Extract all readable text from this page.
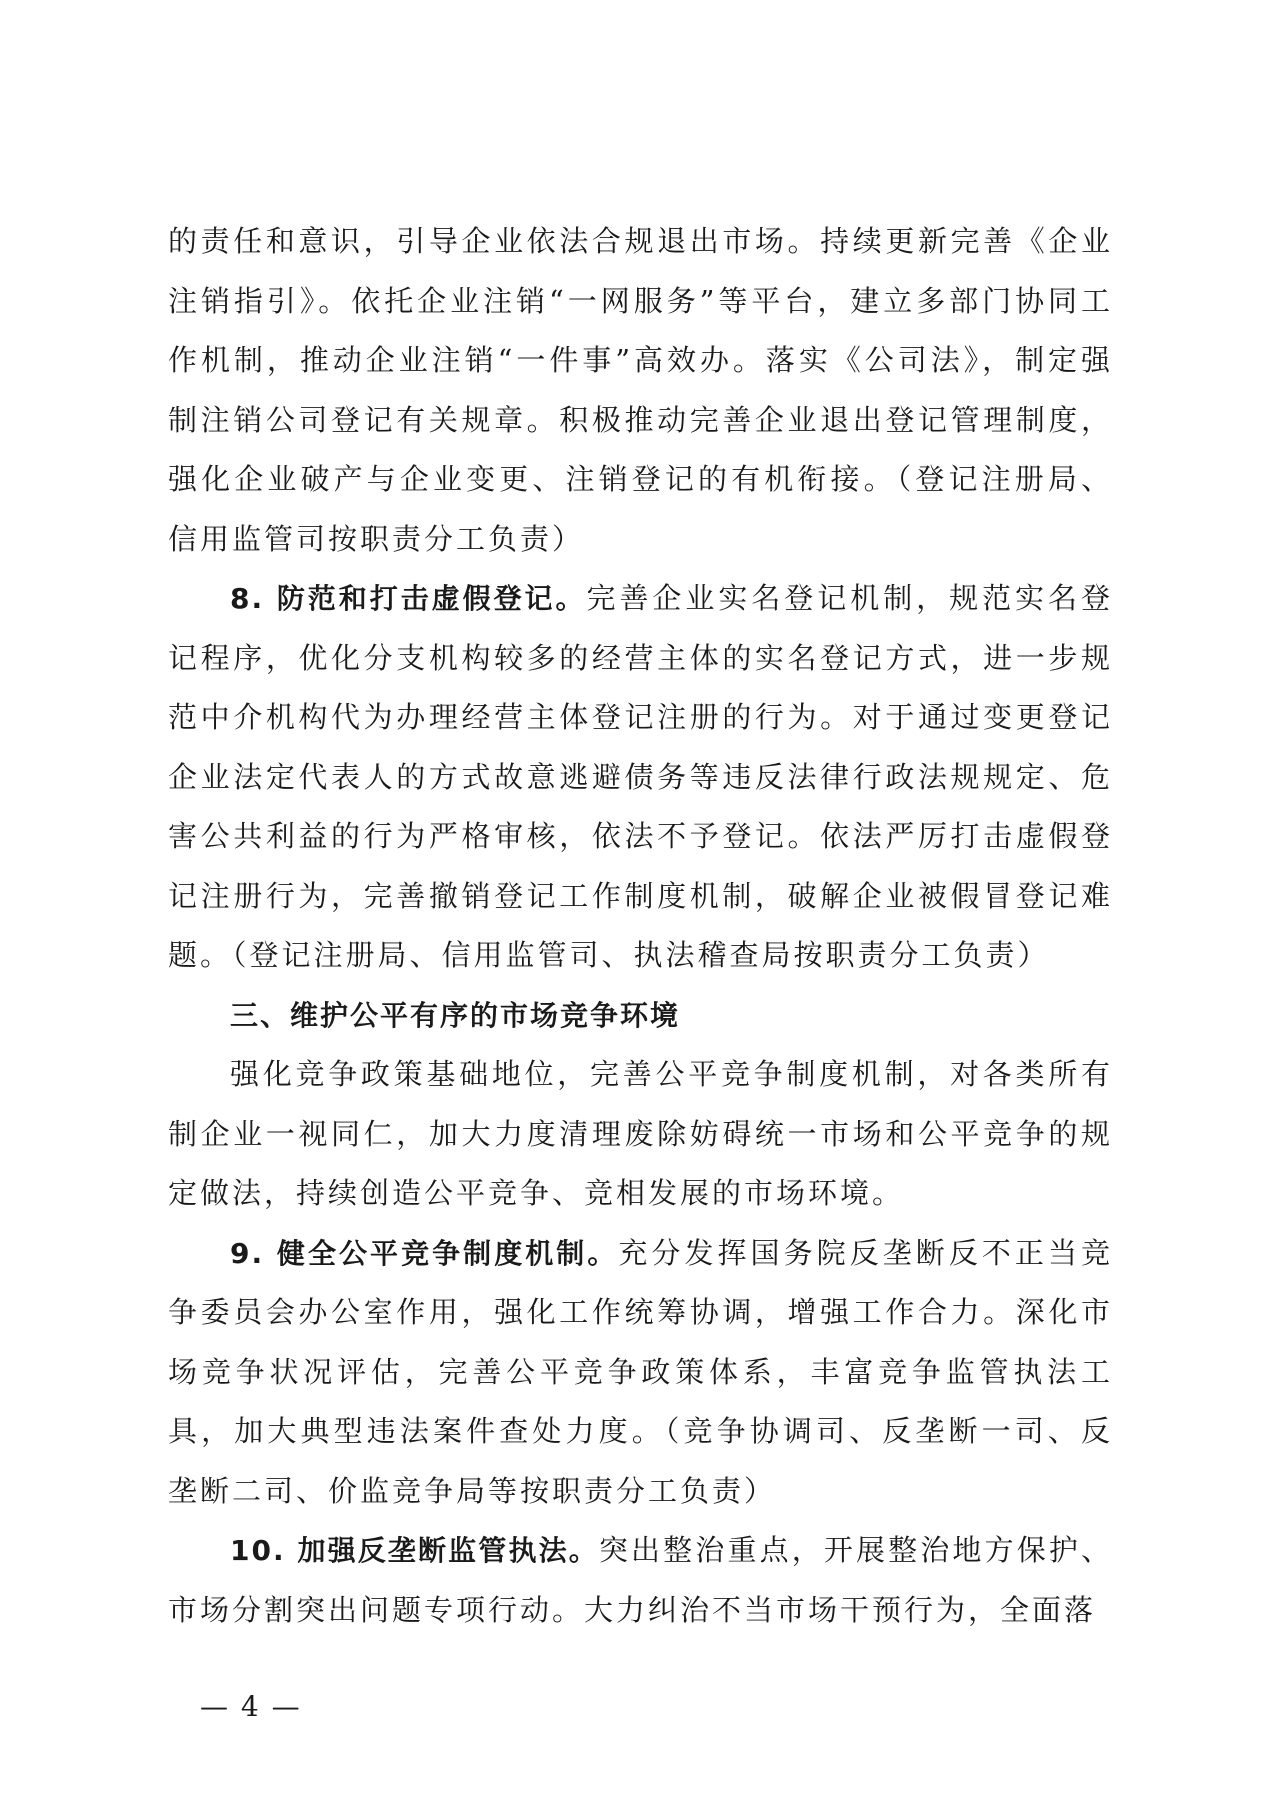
的责任和意识，引导企业依法合规退出市场。持续更新完善《企业注销指引》。依托企业注销“一网服务”等平台，建立多部门协同工作机制，推动企业注销“一件事”高效办。落实《公司法》，制定强制注销公司登记有关规章。积极推动完善企业退出登记管理制度，强化企业破产与企业变更、注销登记的有机衔接。（登记注册局、信用监管司按职责分工负责）

8. 防范和打击虚假登记。完善企业实名登记机制，规范实名登记程序，优化分支机构较多的经营主体的实名登记方式，进一步规范中介机构代为办理经营主体登记注册的行为。对于通过变更登记企业法定代表人的方式故意逃避债务等违反法律行政法规规定、危害公共利益的行为严格审核，依法不予登记。依法严厉打击虚假登记注册行为，完善撤销登记工作制度机制，破解企业被假冒登记难题。（登记注册局、信用监管司、执法稽查局按职责分工负责）

三、维护公平有序的市场竞争环境

强化竞争政策基础地位，完善公平竞争制度机制，对各类所有制企业一视同仁，加大力度清理废除妨碍统一市场和公平竞争的规定做法，持续创造公平竞争、竞相发展的市场环境。

9. 健全公平竞争制度机制。充分发挥国务院反垄断反不正当竞争委员会办公室作用，强化工作统筹协调，增强工作合力。深化市场竞争状况评估，完善公平竞争政策体系，丰富竞争监管执法工具，加大典型违法案件查处力度。（竞争协调司、反垄断一司、反垄断二司、价监竞争局等按职责分工负责）

10. 加强反垄断监管执法。突出整治重点，开展整治地方保护、市场分割突出问题专项行动。大力纠治不当市场干预行为，全面落

— 4 —
